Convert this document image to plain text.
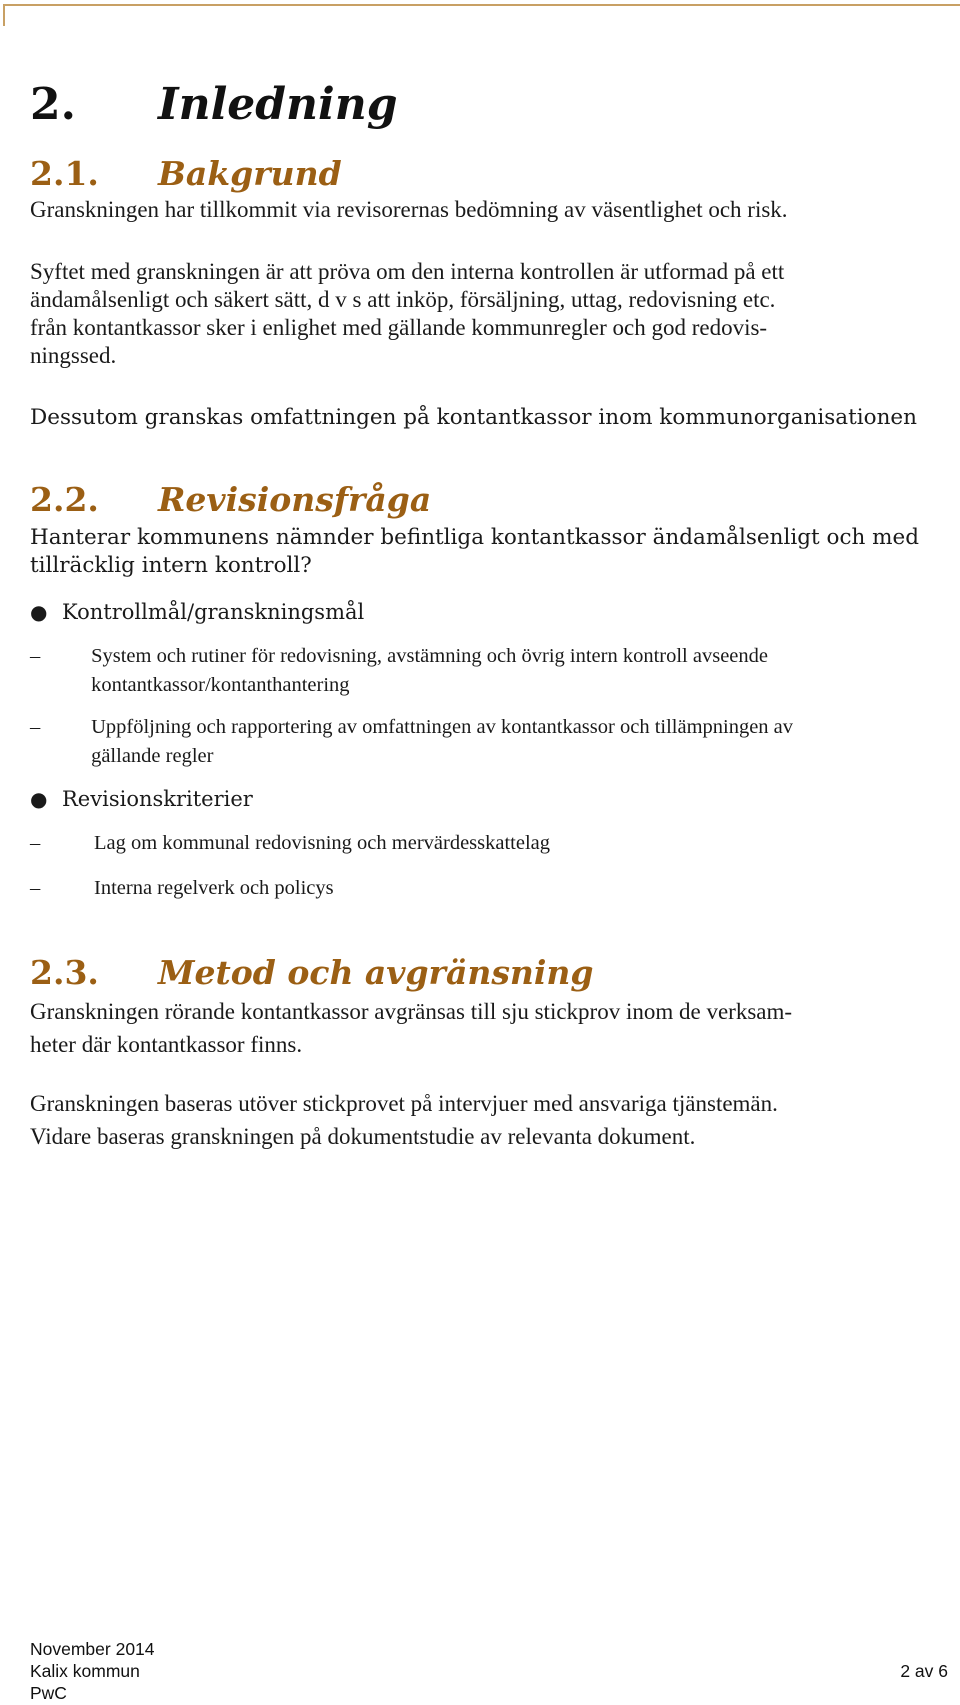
2.	Inledning
2.1.	Bakgrund

Granskningen har tillkommit via revisorernas bedömning av väsentlighet och risk.

Syftet med granskningen är att pröva om den interna kontrollen är utformad på ett
ändamålsenligt och säkert sätt, d v s att inköp, försäljning, uttag, redovisning etc.
från kontantkassor sker i enlighet med gällande kommunregler och god redovis-
ningssed.

Dessutom granskas omfattningen på kontantkassor inom kommunorganisationen

2.2.	Revisionsfråga
Hanterar kommunens nämnder befintliga kontantkassor ändamålsenligt och med
tillräcklig intern kontroll?
● Kontrollmål/granskningsmål
–	System och rutiner för redovisning, avstämning och övrig intern kontroll avseende
kontantkassor/kontanthantering
–	Uppföljning och rapportering av omfattningen av kontantkassor och tillämpningen av
gällande regler
● Revisionskriterier
–	Lag om kommunal redovisning och mervärdesskattelag
–	Interna regelverk och policys
2.3.	Metod och avgränsning
Granskningen rörande kontantkassor avgränsas till sju stickprov inom de verksam-
heter där kontantkassor finns.
Granskningen baseras utöver stickprovet på intervjuer med ansvariga tjänstemän.
Vidare baseras granskningen på dokumentstudie av relevanta dokument.
November 2014
Kalix kommun	2 av 6
PwC
